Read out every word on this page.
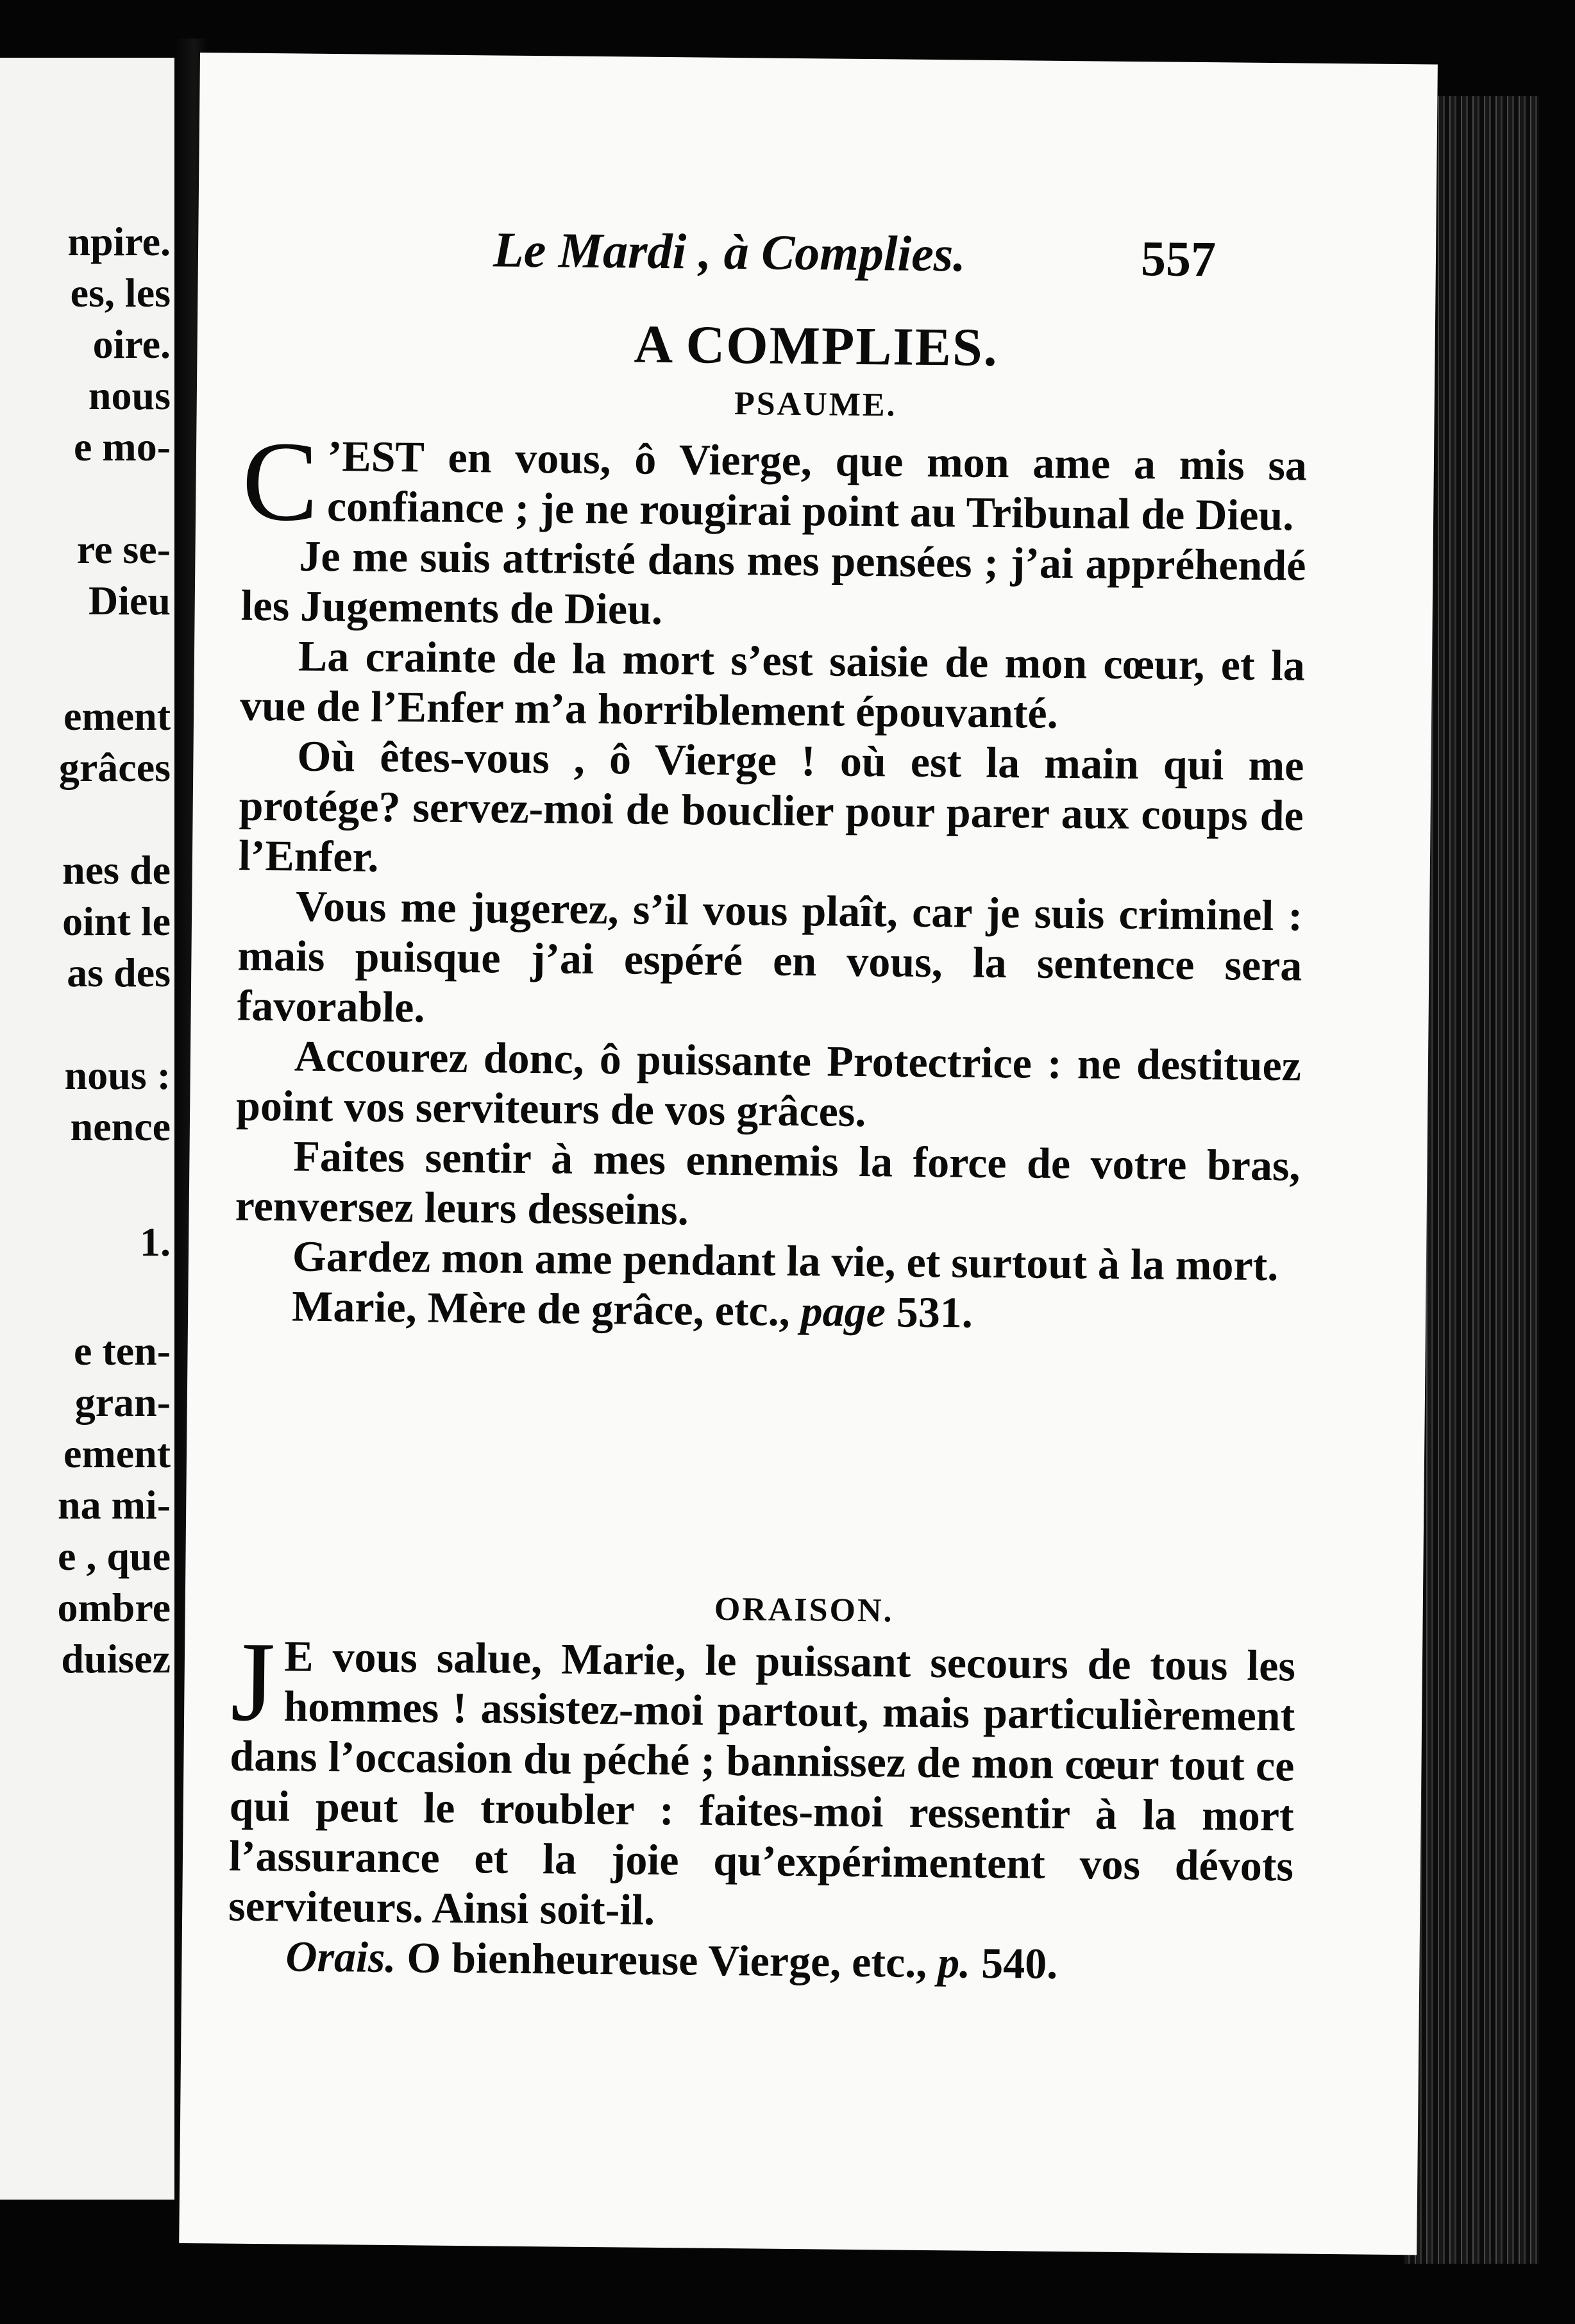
npire.
es, les
oire.
nous
e mo-
re se-
Dieu
ement
grâces
nes de
oint le
as des
nous :
nence
1.
e ten-
gran-
ement
na mi-
e , que
ombre
duisez
Le Mardi , à Complies.	557
A COMPLIES.
PSAUME.

C ’EST en vous, ô Vierge, que mon ame a mis sa confiance ; je ne rougirai point au Tribunal de Dieu.

Je me suis attristé dans mes pensées ; j’ai appréhendé les Jugements de Dieu.

La crainte de la mort s’est saisie de mon cœur, et la vue de l’Enfer m’a horriblement épouvanté.

Où êtes-vous , ô Vierge ! où est la main qui me protége? servez-moi de bouclier pour parer aux coups de l’Enfer.

Vous me jugerez, s’il vous plaît, car je suis criminel : mais puisque j’ai espéré en vous, la sentence sera favorable.

Accourez donc, ô puissante Protectrice : ne destituez point vos serviteurs de vos grâces.

Faites sentir à mes ennemis la force de votre bras, renversez leurs desseins.

Gardez mon ame pendant la vie, et surtout à la mort.

Marie, Mère de grâce, etc., page 531.

ORAISON.

J E vous salue, Marie, le puissant secours de tous les hommes ! assistez-moi partout, mais particulièrement dans l’occasion du péché ; bannissez de mon cœur tout ce qui peut le troubler : faites-moi ressentir à la mort l’assurance et la joie qu’expérimentent vos dévots serviteurs. Ainsi soit-il.

Orais. O bienheureuse Vierge, etc., p. 540.
